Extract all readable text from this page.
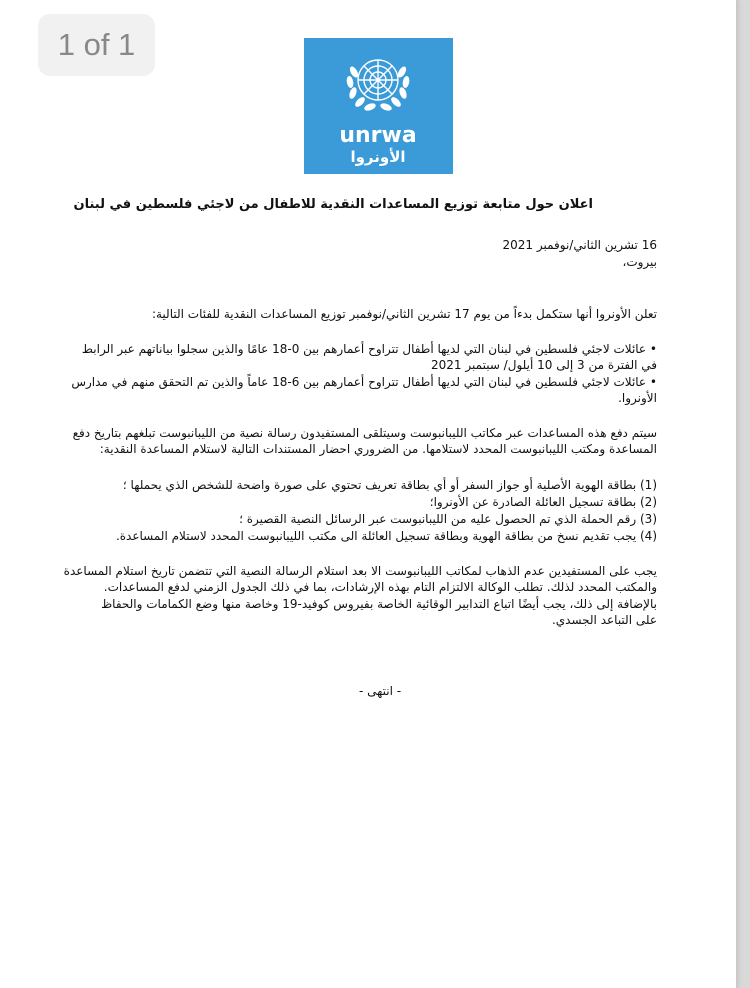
1 of 1
unrwa
الأونروا
اعلان حول متابعة توزيع المساعدات النقدية للاطفال من لاجئي فلسطين في لبنان
16 تشرين الثاني/نوفمبر 2021
بيروت،
تعلن الأونروا أنها ستكمل بدءاً من يوم 17 تشرين الثاني/نوفمبر توزيع المساعدات النقدية للفئات التالية:
• عائلات لاجئي فلسطين في لبنان التي لديها أطفال تتراوح أعمارهم بين 0-18 عامًا والذين سجلوا بياناتهم عبر الرابط
في الفترة من 3 إلى 10 أيلول/ سبتمبر 2021
• عائلات لاجئي فلسطين في لبنان التي لديها أطفال تتراوح أعمارهم بين 6-18 عاماً والذين تم التحقق منهم في مدارس
الأونروا.
سيتم دفع هذه المساعدات عبر مكاتب الليبانبوست وسيتلقى المستفيدون رسالة نصية من الليبانبوست تبلغهم بتاريخ دفع
المساعدة ومكتب الليبانبوست المحدد لاستلامها. من الضروري احضار المستندات التالية لاستلام المساعدة النقدية:
(1) بطاقة الهوية الأصلية أو جواز السفر أو أي بطاقة تعريف تحتوي على صورة واضحة للشخص الذي يحملها ؛
(2) بطاقة تسجيل العائلة الصادرة عن الأونروا؛
(3) رقم الحملة الذي تم الحصول عليه من الليبانبوست عبر الرسائل النصية القصيرة ؛
(4) يجب تقديم نسخ من بطاقة الهوية وبطاقة تسجيل العائلة الى مكتب الليبانبوست المحدد لاستلام المساعدة.
يجب على المستفيدين عدم الذهاب لمكاتب الليبانبوست الا بعد استلام الرسالة النصية التي تتضمن تاريخ استلام المساعدة
والمكتب المحدد لذلك. تطلب الوكالة الالتزام التام بهذه الإرشادات، بما في ذلك الجدول الزمني لدفع المساعدات.
بالإضافة إلى ذلك، يجب أيضًا اتباع التدابير الوقائية الخاصة بفيروس كوفيد-19 وخاصة منها وضع الكمامات والحفاظ
على التباعد الجسدي.
- انتهى -
